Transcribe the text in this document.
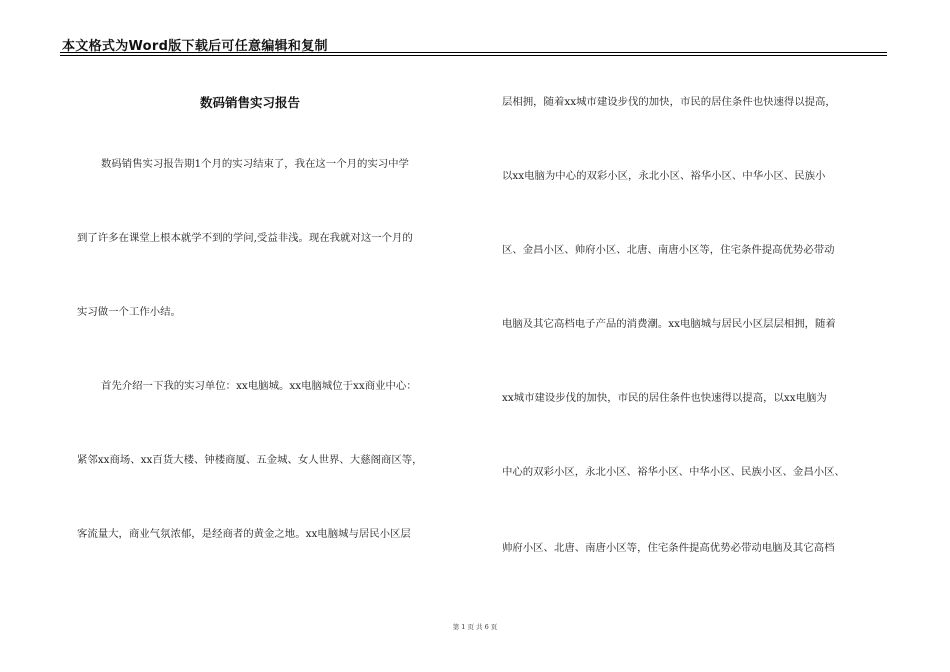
本文格式为Word版下载后可任意编辑和复制
数码销售实习报告
数码销售实习报告期1个月的实习结束了，我在这一个月的实习中学
到了许多在课堂上根本就学不到的学问,受益非浅。现在我就对这一个月的
实习做一个工作小结。
首先介绍一下我的实习单位：xx电脑城。xx电脑城位于xx商业中心：
紧邻xx商场、xx百货大楼、钟楼商厦、五金城、女人世界、大慈阁商区等，
客流量大，商业气氛浓郁，是经商者的黄金之地。xx电脑城与居民小区层
层相拥，随着xx城市建设步伐的加快，市民的居住条件也快速得以提高，
以xx电脑为中心的双彩小区，永北小区、裕华小区、中华小区、民族小
区、金昌小区、帅府小区、北唐、南唐小区等，住宅条件提高优势必带动
电脑及其它高档电子产品的消费潮。xx电脑城与居民小区层层相拥，随着
xx城市建设步伐的加快，市民的居住条件也快速得以提高，以xx电脑为
中心的双彩小区，永北小区、裕华小区、中华小区、民族小区、金昌小区、
帅府小区、北唐、南唐小区等，住宅条件提高优势必带动电脑及其它高档
第 1 页 共 6 页
